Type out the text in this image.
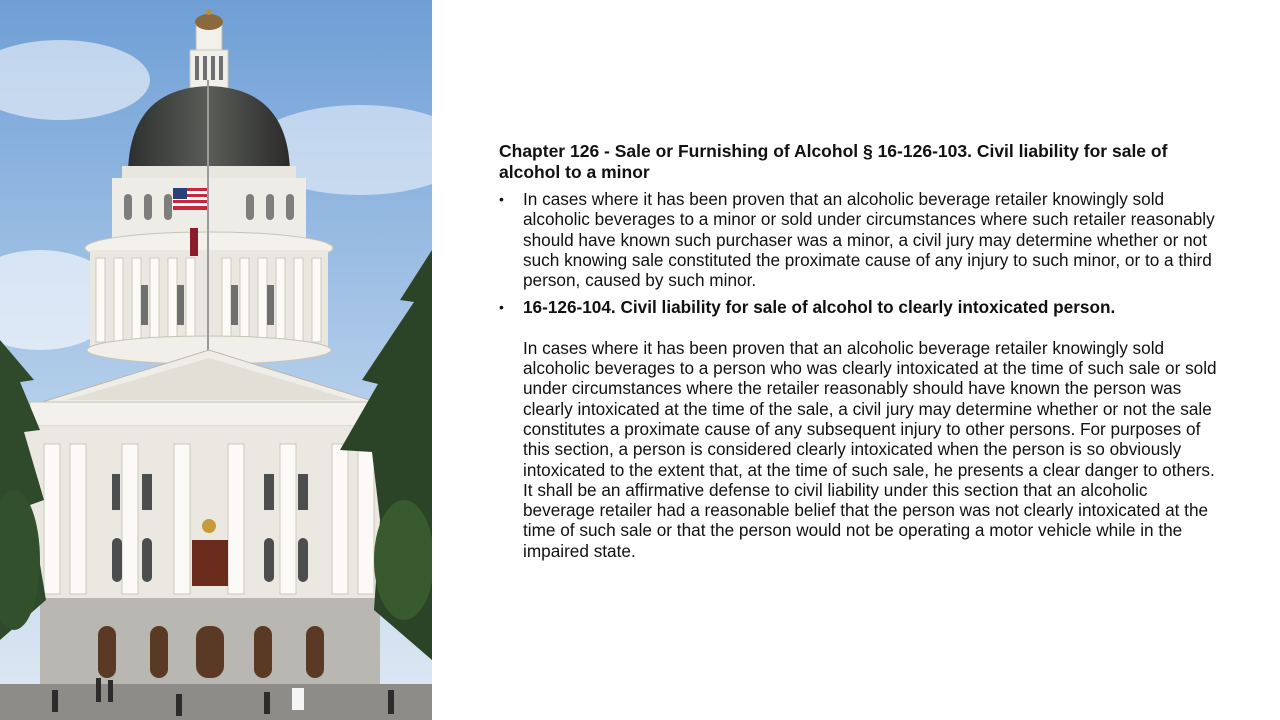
Chapter 126 - Sale or Furnishing of Alcohol § 16-126-103. Civil liability for sale of alcohol to a minor
• In cases where it has been proven that an alcoholic beverage retailer knowingly sold alcoholic beverages to a minor or sold under circumstances where such retailer reasonably should have known such purchaser was a minor, a civil jury may determine whether or not such knowing sale constituted the proximate cause of any injury to such minor, or to a third person, caused by such minor.
• 16-126-104. Civil liability for sale of alcohol to clearly intoxicated person.
In cases where it has been proven that an alcoholic beverage retailer knowingly sold alcoholic beverages to a person who was clearly intoxicated at the time of such sale or sold under circumstances where the retailer reasonably should have known the person was clearly intoxicated at the time of the sale, a civil jury may determine whether or not the sale constitutes a proximate cause of any subsequent injury to other persons. For purposes of this section, a person is considered clearly intoxicated when the person is so obviously intoxicated to the extent that, at the time of such sale, he presents a clear danger to others. It shall be an affirmative defense to civil liability under this section that an alcoholic beverage retailer had a reasonable belief that the person was not clearly intoxicated at the time of such sale or that the person would not be operating a motor vehicle while in the impaired state.
